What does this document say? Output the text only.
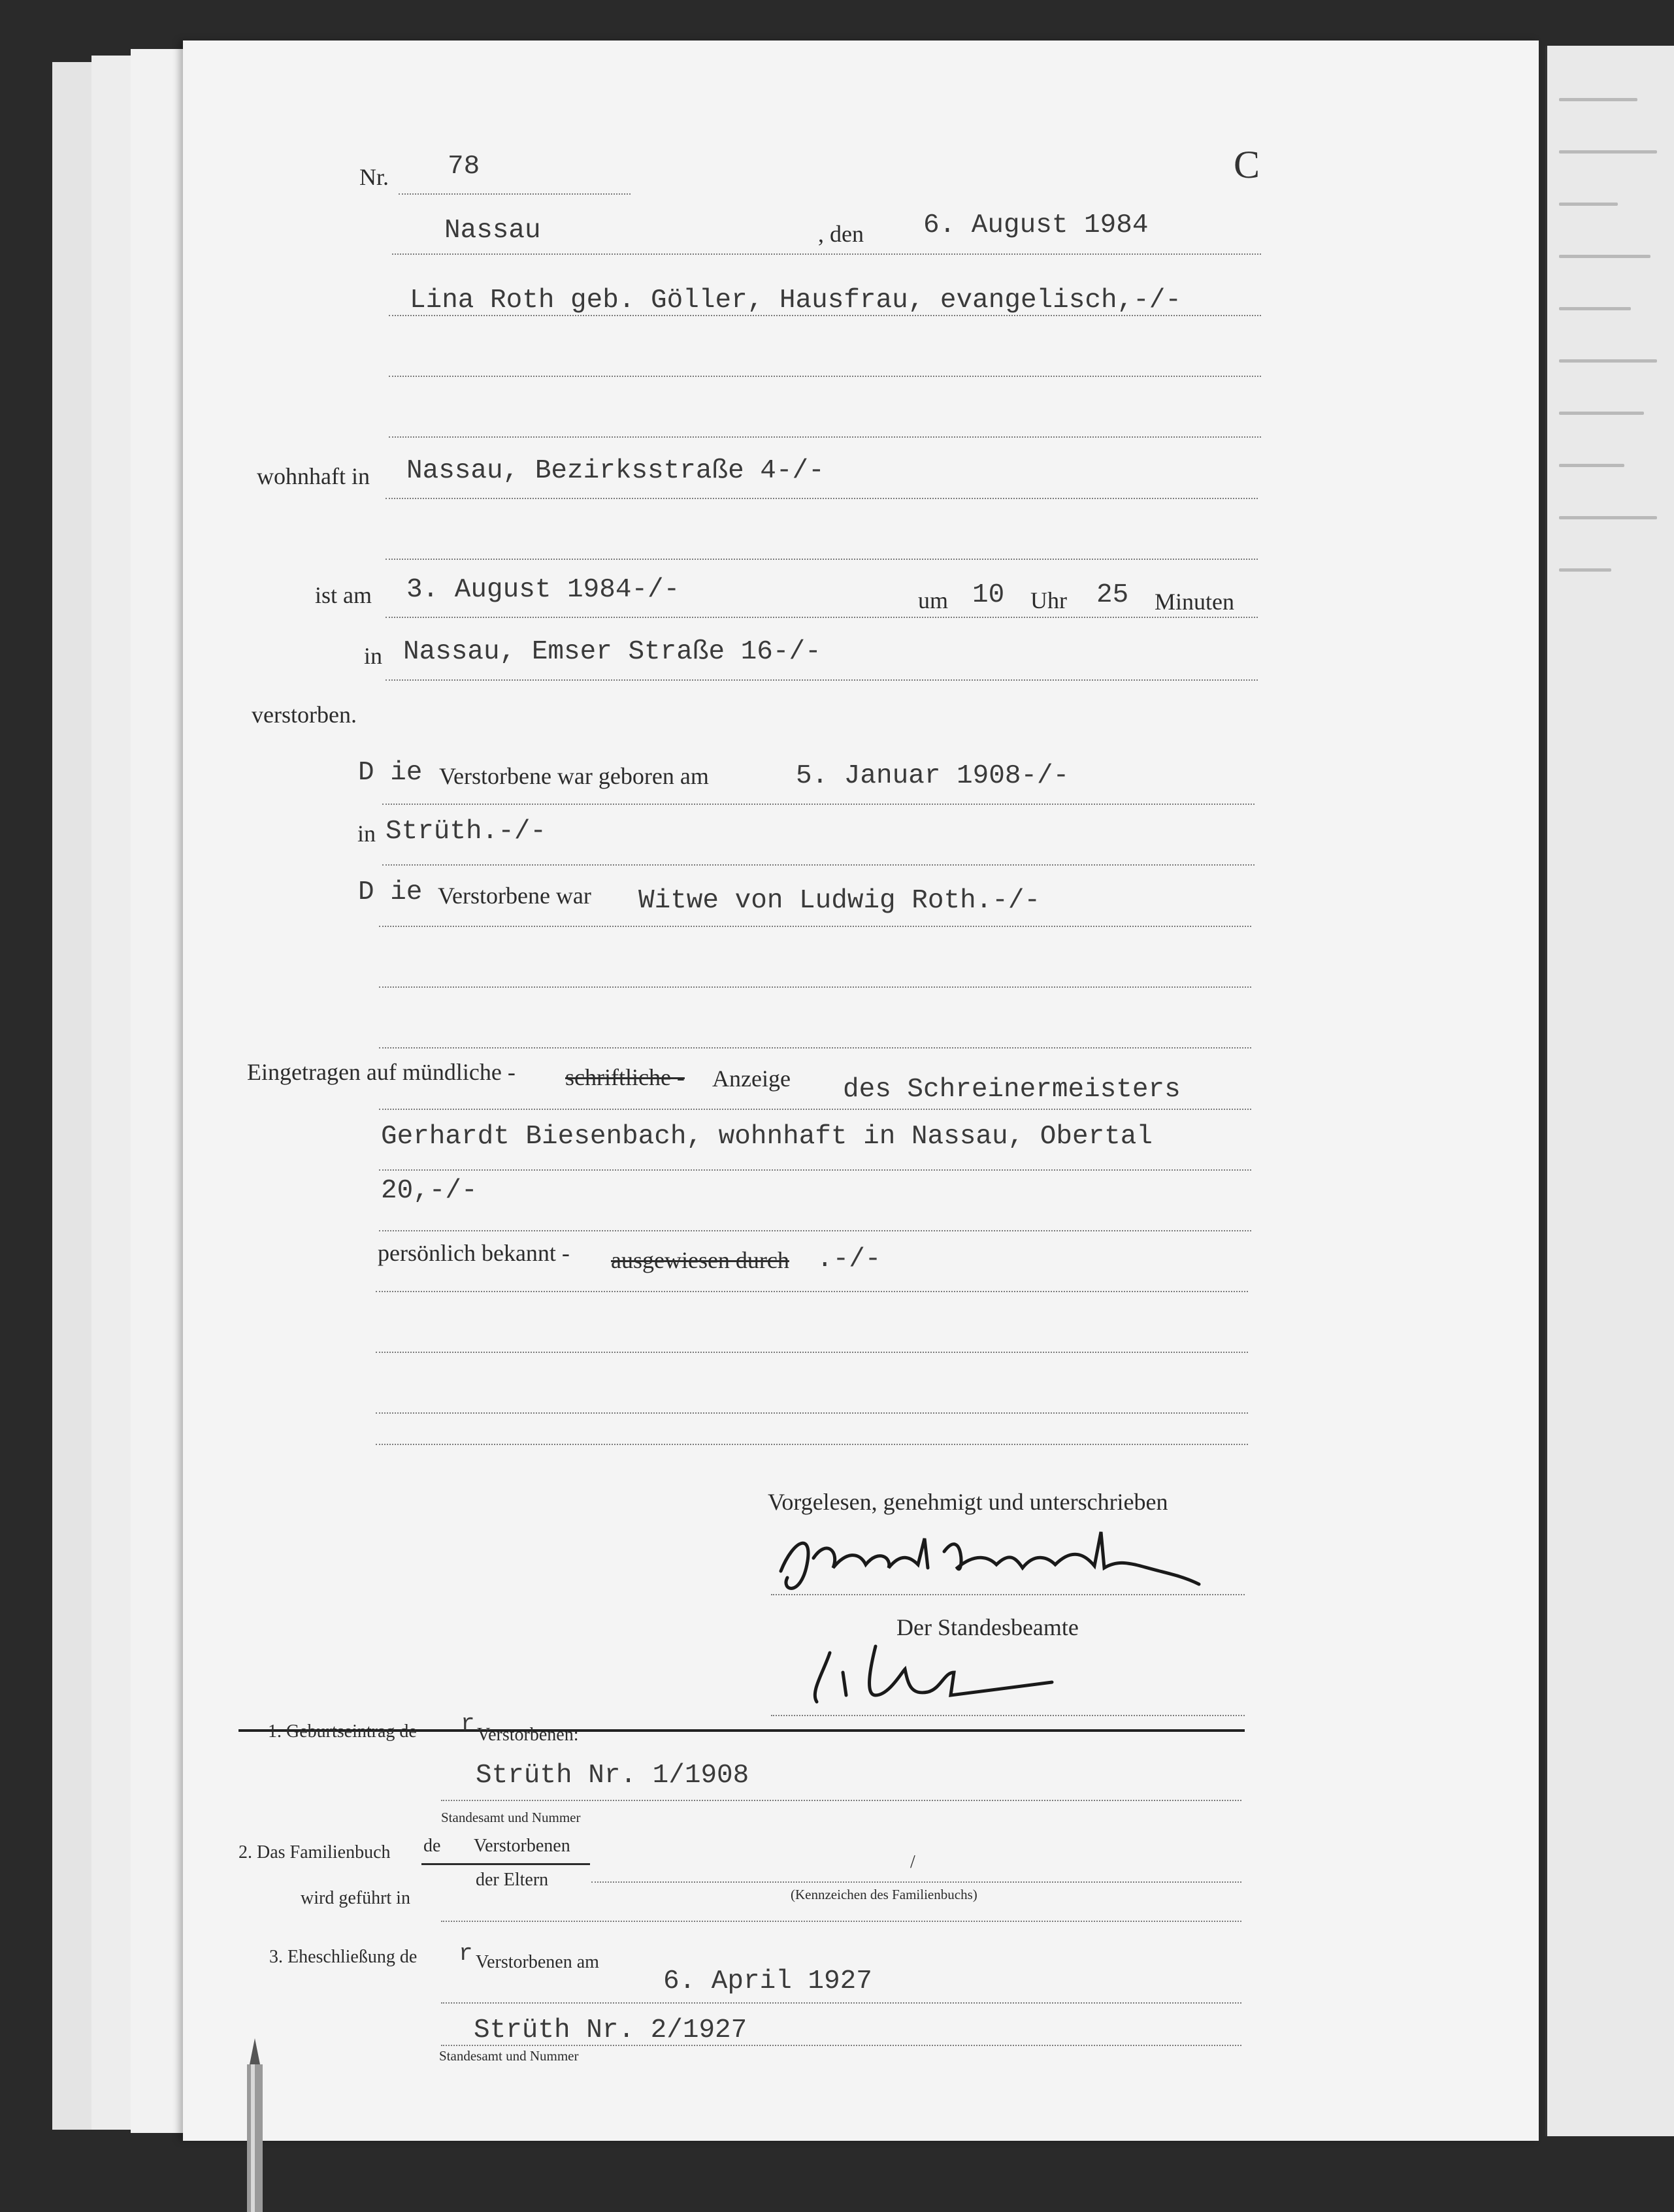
Nr. 78	C
Nassau	, den 6. August 1984
Lina Roth geb. Göller, Hausfrau, evangelisch,-/-
wohnhaft in Nassau, Bezirksstraße 4-/-
ist am 3. August 1984-/-	um 10 Uhr 25 Minuten
in Nassau, Emser Straße 16-/-
verstorben.
D ie Verstorbene war geboren am	5. Januar 1908-/-
in Strüth.-/-
D ie Verstorbene war Witwe von Ludwig Roth.-/-
Eingetragen auf mündliche - schriftliche - Anzeige des Schreinermeisters
Gerhardt Biesenbach, wohnhaft in Nassau, Obertal
20,-/-
persönlich bekannt - ausgewiesen durch .-/-
Vorgelesen, genehmigt und unterschrieben
Der Standesbeamte
1. Geburtseintrag de r Verstorbenen:
Strüth Nr. 1/1908
Standesamt und Nummer
2. Das Familienbuch de Verstorbenen
der Eltern
/
(Kennzeichen des Familienbuchs)
wird geführt in
3. Eheschließung de r Verstorbenen am
6. April 1927
Strüth Nr. 2/1927
Standesamt und Nummer
